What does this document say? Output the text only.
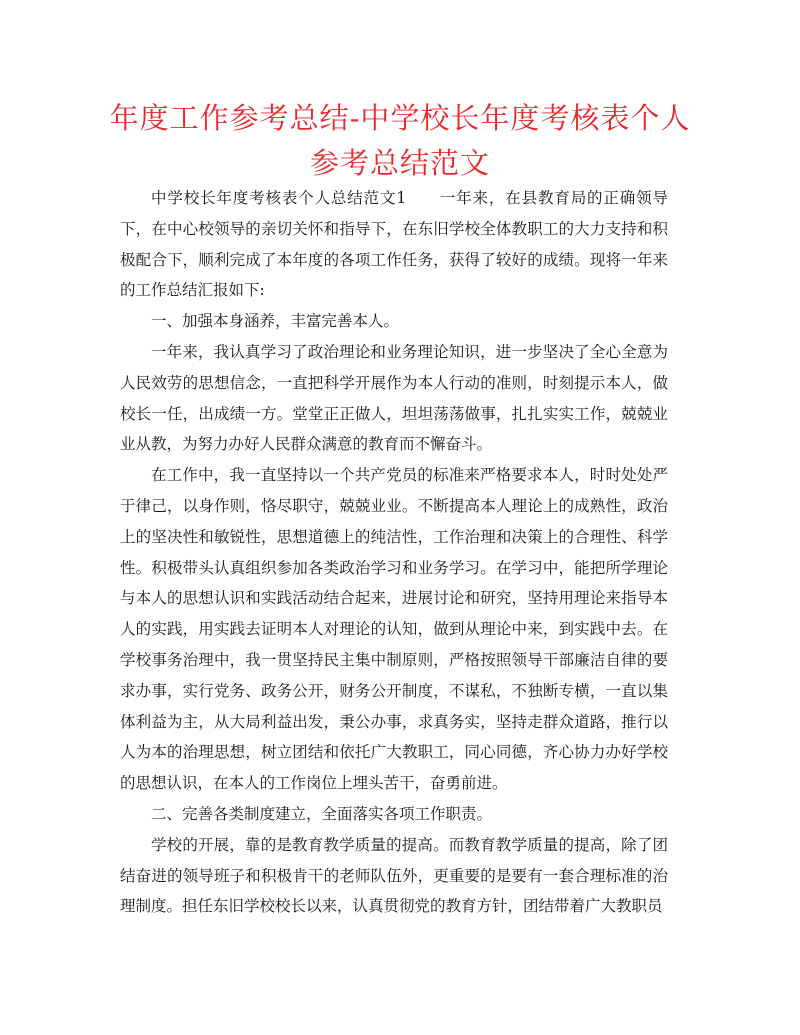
年度工作参考总结-中学校长年度考核表个人参考总结范文

中学校长年度考核表个人总结范文1　　一年来，在县教育局的正确领导下，在中心校领导的亲切关怀和指导下，在东旧学校全体教职工的大力支持和积极配合下，顺利完成了本年度的各项工作任务，获得了较好的成绩。现将一年来的工作总结汇报如下:

一、加强本身涵养，丰富完善本人。

一年来，我认真学习了政治理论和业务理论知识，进一步坚决了全心全意为人民效劳的思想信念，一直把科学开展作为本人行动的准则，时刻提示本人，做校长一任，出成绩一方。堂堂正正做人，坦坦荡荡做事，扎扎实实工作，兢兢业业从教，为努力办好人民群众满意的教育而不懈奋斗。

在工作中，我一直坚持以一个共产党员的标准来严格要求本人，时时处处严于律己，以身作则，恪尽职守，兢兢业业。不断提高本人理论上的成熟性，政治上的坚决性和敏锐性，思想道德上的纯洁性，工作治理和决策上的合理性、科学性。积极带头认真组织参加各类政治学习和业务学习。在学习中，能把所学理论与本人的思想认识和实践活动结合起来，进展讨论和研究，坚持用理论来指导本人的实践，用实践去证明本人对理论的认知，做到从理论中来，到实践中去。在学校事务治理中，我一贯坚持民主集中制原则，严格按照领导干部廉洁自律的要求办事，实行党务、政务公开，财务公开制度，不谋私，不独断专横，一直以集体利益为主，从大局利益出发，秉公办事，求真务实，坚持走群众道路，推行以人为本的治理思想，树立团结和依托广大教职工，同心同德，齐心协力办好学校的思想认识，在本人的工作岗位上埋头苦干，奋勇前进。

二、完善各类制度建立，全面落实各项工作职责。

学校的开展，靠的是教育教学质量的提高。而教育教学质量的提高，除了团结奋进的领导班子和积极肯干的老师队伍外，更重要的是要有一套合理标准的治理制度。担任东旧学校校长以来，认真贯彻党的教育方针，团结带着广大教职员
